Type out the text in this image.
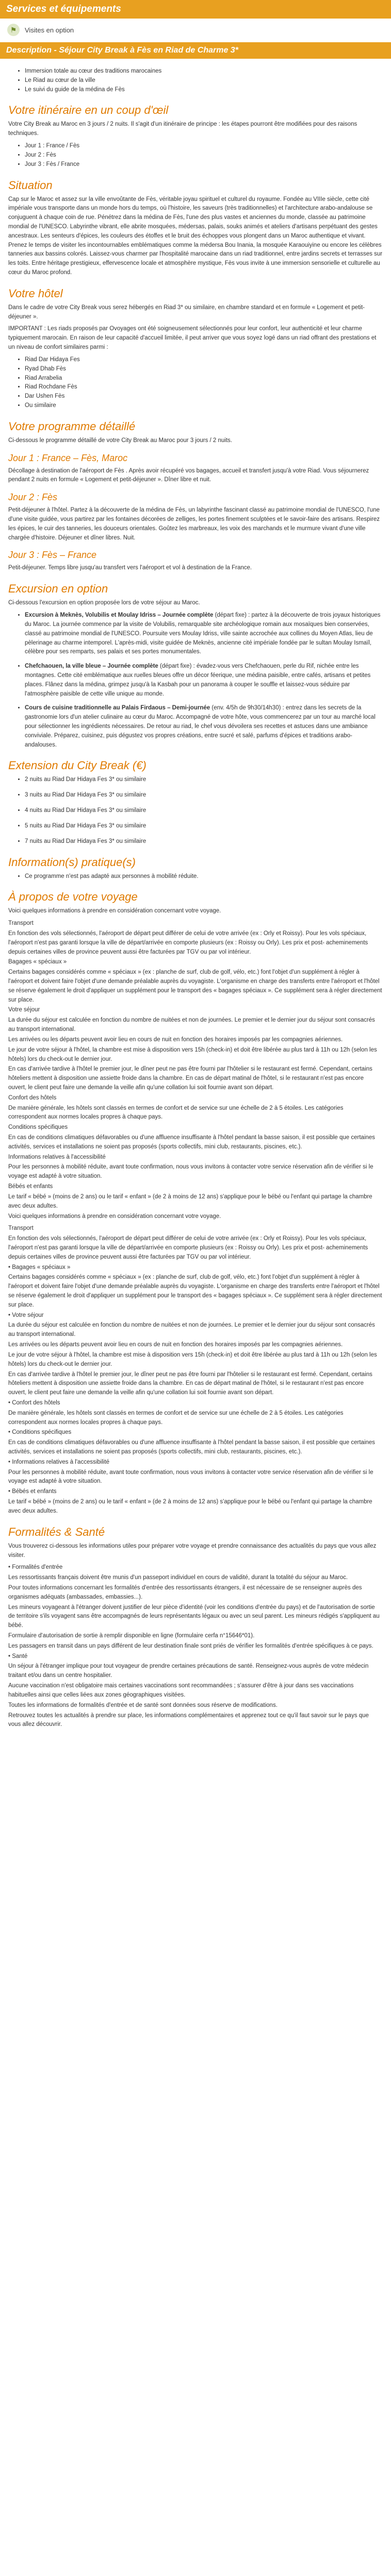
Services et équipements
⚑	Visites en option
Description - Séjour City Break à Fès en Riad de Charme 3*
• Immersion totale au cœur des traditions marocaines
• Le Riad au cœur de la ville
• Le suivi du guide de la médina de Fès
Votre itinéraire en un coup d'œil

Votre City Break au Maroc en 3 jours / 2 nuits. Il s'agit d'un itinéraire de principe : les étapes pourront être modifiées pour des raisons techniques.

• Jour 1 : France / Fès
• Jour 2 : Fès
• Jour 3 : Fès / France
Situation

Cap sur le Maroc et assez sur la ville envoûtante de Fès, véritable joyau spirituel et culturel du royaume. Fondée au VIIIe siècle, cette cité impériale vous transporte dans un monde hors du temps, où l'histoire, les saveurs (très traditionnelles) et l'architecture arabo-andalouse se conjuguent à chaque coin de rue. Pénétrez dans la médina de Fès, l'une des plus vastes et anciennes du monde, classée au patrimoine mondial de l'UNESCO. Labyrinthe vibrant, elle abrite mosquées, médersas, palais, souks animés et ateliers d'artisans perpétuant des gestes ancestraux. Les senteurs d'épices, les couleurs des étoffes et le bruit des échoppes vous plongent dans un Maroc authentique et vivant. Prenez le temps de visiter les incontournables emblématiques comme la médersa Bou Inania, la mosquée Karaouiyine ou encore les célèbres tanneries aux bassins colorés. Laissez-vous charmer par l'hospitalité marocaine dans un riad traditionnel, entre jardins secrets et terrasses sur les toits. Entre héritage prestigieux, effervescence locale et atmosphère mystique, Fès vous invite à une immersion sensorielle et culturelle au cœur du Maroc profond.

Votre hôtel

Dans le cadre de votre City Break vous serez hébergés en Riad 3* ou similaire, en chambre standard et en formule « Logement et petit-déjeuner ».

IMPORTANT : Les riads proposés par Ovoyages ont été soigneusement sélectionnés pour leur confort, leur authenticité et leur charme typiquement marocain. En raison de leur capacité d'accueil limitée, il peut arriver que vous soyez logé dans un riad offrant des prestations et un niveau de confort similaires parmi :

• Riad Dar Hidaya Fes
• Ryad Dhab Fès
• Riad Arrabelia
• Riad Rochdane Fès
• Dar Ushen Fès
• Ou similaire
Votre programme détaillé

Ci-dessous le programme détaillé de votre City Break au Maroc pour 3 jours / 2 nuits.

Jour 1 : France – Fès, Maroc

Décollage à destination de l'aéroport de Fès . Après avoir récupéré vos bagages, accueil et transfert jusqu'à votre Riad. Vous séjournerez pendant 2 nuits en formule « Logement et petit-déjeuner ». Dîner libre et nuit.

Jour 2 : Fès

Petit-déjeuner à l'hôtel. Partez à la découverte de la médina de Fès, un labyrinthe fascinant classé au patrimoine mondial de l'UNESCO, l'une d'une visite guidée, vous partirez par les fontaines décorées de zelliges, les portes finement sculptées et le savoir-faire des artisans. Respirez les épices, le cuir des tanneries, les douceurs orientales. Goûtez les marbreaux, les voix des marchands et le murmure vivant d'une ville chargée d'histoire. Déjeuner et dîner libres. Nuit.

Jour 3 : Fès – France

Petit-déjeuner. Temps libre jusqu'au transfert vers l'aéroport et vol à destination de la France.

Excursion en option

Ci-dessous l'excursion en option proposée lors de votre séjour au Maroc.

• Excursion à Meknès, Volubilis et Moulay Idriss – Journée complète (départ fixe) : partez à la découverte de trois joyaux historiques du Maroc. La journée commence par la visite de Volubilis, remarquable site archéologique romain aux mosaïques bien conservées, classé au patrimoine mondial de l'UNESCO. Poursuite vers Moulay Idriss, ville sainte accrochée aux collines du Moyen Atlas, lieu de pèlerinage au charme intemporel. L'après-midi, visite guidée de Meknès, ancienne cité impériale fondée par le sultan Moulay Ismaïl, célèbre pour ses remparts, ses palais et ses portes monumentales.
• Chefchaouen, la ville bleue – Journée complète (départ fixe) : évadez-vous vers Chefchaouen, perle du Rif, nichée entre les montagnes. Cette cité emblématique aux ruelles bleues offre un décor féerique, une médina paisible, entre cafés, artisans et petites places. Flânez dans la médina, grimpez jusqu'à la Kasbah pour un panorama à couper le souffle et laissez-vous séduire par l'atmosphère paisible de cette ville unique au monde.
• Cours de cuisine traditionnelle au Palais Firdaous – Demi-journée (env. 4/5h de 9h30/14h30) : entrez dans les secrets de la gastronomie lors d'un atelier culinaire au cœur du Maroc. Accompagné de votre hôte, vous commencerez par un tour au marché local pour sélectionner les ingrédients nécessaires. De retour au riad, le chef vous dévoilera ses recettes et astuces dans une ambiance conviviale. Préparez, cuisinez, puis dégustez vos propres créations, entre sucré et salé, parfums d'épices et traditions arabo-andalouses.
Extension du City Break (€)
• 2 nuits au Riad Dar Hidaya Fes 3* ou similaire
• 3 nuits au Riad Dar Hidaya Fes 3* ou similaire
• 4 nuits au Riad Dar Hidaya Fes 3* ou similaire
• 5 nuits au Riad Dar Hidaya Fes 3* ou similaire
• 7 nuits au Riad Dar Hidaya Fes 3* ou similaire
Information(s) pratique(s)
• Ce programme n'est pas adapté aux personnes à mobilité réduite.
À propos de votre voyage

Voici quelques informations à prendre en considération concernant votre voyage.

Transport

En fonction des vols sélectionnés, l'aéroport de départ peut différer de celui de votre arrivée (ex : Orly et Roissy). Pour les vols spéciaux, l'aéroport n'est pas garanti lorsque la ville de départ/arrivée en comporte plusieurs (ex : Roissy ou Orly). Les prix et post- acheminements depuis certaines villes de province peuvent aussi être facturées par TGV ou par vol intérieur.

Bagages « spéciaux »

Certains bagages considérés comme « spéciaux » (ex : planche de surf, club de golf, vélo, etc.) font l'objet d'un supplément à régler à l'aéroport et doivent faire l'objet d'une demande préalable auprès du voyagiste. L'organisme en charge des transferts entre l'aéroport et l'hôtel se réserve également le droit d'appliquer un supplément pour le transport des « bagages spéciaux ». Ce supplément sera à régler directement sur place.

Votre séjour

La durée du séjour est calculée en fonction du nombre de nuitées et non de journées. Le premier et le dernier jour du séjour sont consacrés au transport international.

Les arrivées ou les départs peuvent avoir lieu en cours de nuit en fonction des horaires imposés par les compagnies aériennes.

Le jour de votre séjour à l'hôtel, la chambre est mise à disposition vers 15h (check-in) et doit être libérée au plus tard à 11h ou 12h (selon les hôtels) lors du check-out le dernier jour.

En cas d'arrivée tardive à l'hôtel le premier jour, le dîner peut ne pas être fourni par l'hôtelier si le restaurant est fermé. Cependant, certains hôteliers mettent à disposition une assiette froide dans la chambre. En cas de départ matinal de l'hôtel, si le restaurant n'est pas encore ouvert, le client peut faire une demande la veille afin qu'une collation lui soit fournie avant son départ.

Confort des hôtels

De manière générale, les hôtels sont classés en termes de confort et de service sur une échelle de 2 à 5 étoiles. Les catégories correspondent aux normes locales propres à chaque pays.

Conditions spécifiques

En cas de conditions climatiques défavorables ou d'une affluence insuffisante à l'hôtel pendant la basse saison, il est possible que certaines activités, services et installations ne soient pas proposés (sports collectifs, mini club, restaurants, piscines, etc.).

Informations relatives à l'accessibilité

Pour les personnes à mobilité réduite, avant toute confirmation, nous vous invitons à contacter votre service réservation afin de vérifier si le voyage est adapté à votre situation.

Bébés et enfants

Le tarif « bébé » (moins de 2 ans) ou le tarif « enfant » (de 2 à moins de 12 ans) s'applique pour le bébé ou l'enfant qui partage la chambre avec deux adultes.

Voici quelques informations à prendre en considération concernant votre voyage.

Transport

En fonction des vols sélectionnés, l'aéroport de départ peut différer de celui de votre arrivée (ex : Orly et Roissy). Pour les vols spéciaux, l'aéroport n'est pas garanti lorsque la ville de départ/arrivée en comporte plusieurs (ex : Roissy ou Orly). Les prix et post- acheminements depuis certaines villes de province peuvent aussi être facturées par TGV ou par vol intérieur.

• Bagages « spéciaux »

Certains bagages considérés comme « spéciaux » (ex : planche de surf, club de golf, vélo, etc.) font l'objet d'un supplément à régler à l'aéroport et doivent faire l'objet d'une demande préalable auprès du voyagiste. L'organisme en charge des transferts entre l'aéroport et l'hôtel se réserve également le droit d'appliquer un supplément pour le transport des « bagages spéciaux ». Ce supplément sera à régler directement sur place.

• Votre séjour

La durée du séjour est calculée en fonction du nombre de nuitées et non de journées. Le premier et le dernier jour du séjour sont consacrés au transport international.

Les arrivées ou les départs peuvent avoir lieu en cours de nuit en fonction des horaires imposés par les compagnies aériennes.

Le jour de votre séjour à l'hôtel, la chambre est mise à disposition vers 15h (check-in) et doit être libérée au plus tard à 11h ou 12h (selon les hôtels) lors du check-out le dernier jour.

En cas d'arrivée tardive à l'hôtel le premier jour, le dîner peut ne pas être fourni par l'hôtelier si le restaurant est fermé. Cependant, certains hôteliers mettent à disposition une assiette froide dans la chambre. En cas de départ matinal de l'hôtel, si le restaurant n'est pas encore ouvert, le client peut faire une demande la veille afin qu'une collation lui soit fournie avant son départ.

• Confort des hôtels

De manière générale, les hôtels sont classés en termes de confort et de service sur une échelle de 2 à 5 étoiles. Les catégories correspondent aux normes locales propres à chaque pays.

• Conditions spécifiques

En cas de conditions climatiques défavorables ou d'une affluence insuffisante à l'hôtel pendant la basse saison, il est possible que certaines activités, services et installations ne soient pas proposés (sports collectifs, mini club, restaurants, piscines, etc.).

• Informations relatives à l'accessibilité

Pour les personnes à mobilité réduite, avant toute confirmation, nous vous invitons à contacter votre service réservation afin de vérifier si le voyage est adapté à votre situation.

• Bébés et enfants

Le tarif « bébé » (moins de 2 ans) ou le tarif « enfant » (de 2 à moins de 12 ans) s'applique pour le bébé ou l'enfant qui partage la chambre avec deux adultes.

Formalités & Santé

Vous trouverez ci-dessous les informations utiles pour préparer votre voyage et prendre connaissance des actualités du pays que vous allez visiter.

• Formalités d'entrée

Les ressortissants français doivent être munis d'un passeport individuel en cours de validité, durant la totalité du séjour au Maroc.

Pour toutes informations concernant les formalités d'entrée des ressortissants étrangers, il est nécessaire de se renseigner auprès des organismes adéquats (ambassades, embassies...).

Les mineurs voyageant à l'étranger doivent justifier de leur pièce d'identité (voir les conditions d'entrée du pays) et de l'autorisation de sortie de territoire s'ils voyagent sans être accompagnés de leurs représentants légaux ou avec un seul parent. Les mineurs rédigés s'appliquent au bébé.

Formulaire d'autorisation de sortie à remplir disponible en ligne (formulaire cerfa n°15646*01).

Les passagers en transit dans un pays différent de leur destination finale sont priés de vérifier les formalités d'entrée spécifiques à ce pays.

• Santé

Un séjour à l'étranger implique pour tout voyageur de prendre certaines précautions de santé. Renseignez-vous auprès de votre médecin traitant et/ou dans un centre hospitalier.

Aucune vaccination n'est obligatoire mais certaines vaccinations sont recommandées ; s'assurer d'être à jour dans ses vaccinations habituelles ainsi que celles liées aux zones géographiques visitées.

Toutes les informations de formalités d'entrée et de santé sont données sous réserve de modifications.

Retrouvez toutes les actualités à prendre sur place, les informations complémentaires et apprenez tout ce qu'il faut savoir sur le pays que vous allez découvrir.
